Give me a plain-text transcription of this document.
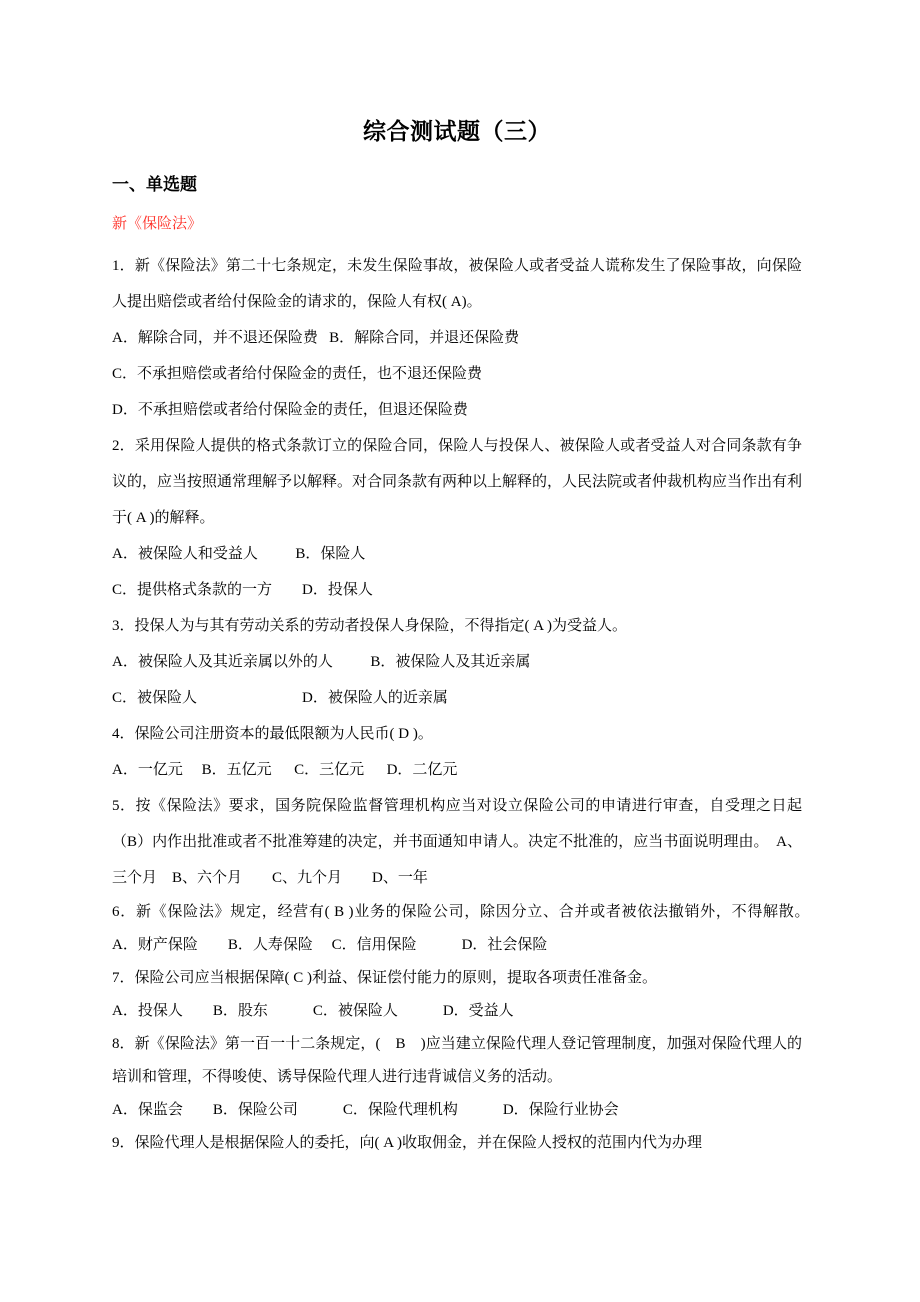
综合测试题（三）
一、单选题

新《保险法》

1．新《保险法》第二十七条规定，未发生保险事故，被保险人或者受益人谎称发生了保险事故，向保险人提出赔偿或者给付保险金的请求的，保险人有权( A)。

A．解除合同，并不退还保险费   B．解除合同，并退还保险费

C．不承担赔偿或者给付保险金的责任，也不退还保险费

D．不承担赔偿或者给付保险金的责任，但退还保险费

2．采用保险人提供的格式条款订立的保险合同，保险人与投保人、被保险人或者受益人对合同条款有争议的，应当按照通常理解予以解释。对合同条款有两种以上解释的，人民法院或者仲裁机构应当作出有利于( A )的解释。

A．被保险人和受益人          B．保险人

C．提供格式条款的一方        D．投保人

3．投保人为与其有劳动关系的劳动者投保人身保险，不得指定( A )为受益人。

A．被保险人及其近亲属以外的人          B．被保险人及其近亲属

C．被保险人                            D．被保险人的近亲属

4．保险公司注册资本的最低限额为人民币( D )。

A．一亿元     B．五亿元      C．三亿元      D．二亿元

5．按《保险法》要求，国务院保险监督管理机构应当对设立保险公司的申请进行审查，自受理之日起（B）内作出批准或者不批准筹建的决定，并书面通知申请人。决定不批准的，应当书面说明理由。　A、三个月　B、六个月　　C、九个月　　D、一年

6．新《保险法》规定，经营有( B )业务的保险公司，除因分立、合并或者被依法撤销外，不得解散。　A．财产保险　　B．人寿保险　 C．信用保险　　　D．社会保险

7．保险公司应当根据保障( C )利益、保证偿付能力的原则，提取各项责任准备金。

A．投保人　　B．股东　　　C．被保险人　　　D．受益人

8．新《保险法》第一百一十二条规定，(　B　)应当建立保险代理人登记管理制度，加强对保险代理人的培训和管理，不得唆使、诱导保险代理人进行违背诚信义务的活动。

A．保监会　　B．保险公司　　　C．保险代理机构　　　D．保险行业协会

9．保险代理人是根据保险人的委托，向( A )收取佣金，并在保险人授权的范围内代为办理
